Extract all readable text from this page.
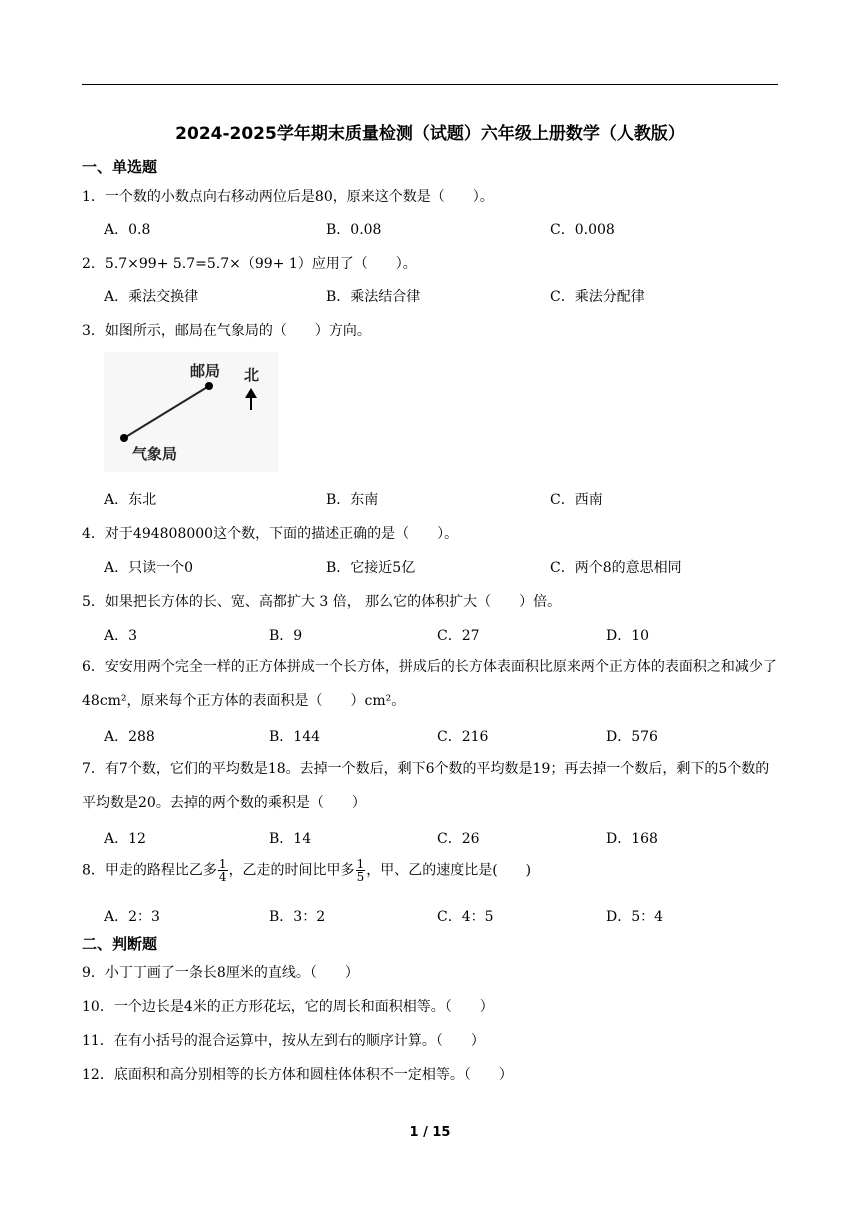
2024-2025学年期末质量检测（试题）六年级上册数学（人教版）
一、单选题
1．一个数的小数点向右移动两位后是80，原来这个数是（　　）。
A．0.8	B．0.08	C．0.008
2．5.7×99+ 5.7=5.7×（99+ 1）应用了（　　）。
A．乘法交换律	B．乘法结合律	C．乘法分配律
3．如图所示，邮局在气象局的（　　）方向。
邮局
气象局
北
A．东北	B．东南	C．西南
4．对于494808000这个数，下面的描述正确的是（　　）。
A．只读一个0	B．它接近5亿	C．两个8的意思相同
5．如果把长方体的长、宽、高都扩大 3 倍， 那么它的体积扩大（　　）倍。
A．3	B．9	C．27	D．10
6．安安用两个完全一样的正方体拼成一个长方体，拼成后的长方体表面积比原来两个正方体的表面积之和减少了48cm²，原来每个正方体的表面积是（　　）cm²。
A．288	B．144	C．216	D．576
7．有7个数，它们的平均数是18。去掉一个数后，剩下6个数的平均数是19；再去掉一个数后，剩下的5个数的平均数是20。去掉的两个数的乘积是（　　）
A．12	B．14	C．26	D．168
8．甲走的路程比乙多 $\frac{1}{4}$ ，乙走的时间比甲多 $\frac{1}{5}$ ，甲、乙的速度比是(　　)
A．2：3	B．3：2	C．4：5	D．5：4
二、判断题
9．小丁丁画了一条长8厘米的直线。（　　）
10．一个边长是4米的正方形花坛，它的周长和面积相等。（　　）
11．在有小括号的混合运算中，按从左到右的顺序计算。（　　）
12．底面积和高分别相等的长方体和圆柱体体积不一定相等。（　　）
1 / 15
